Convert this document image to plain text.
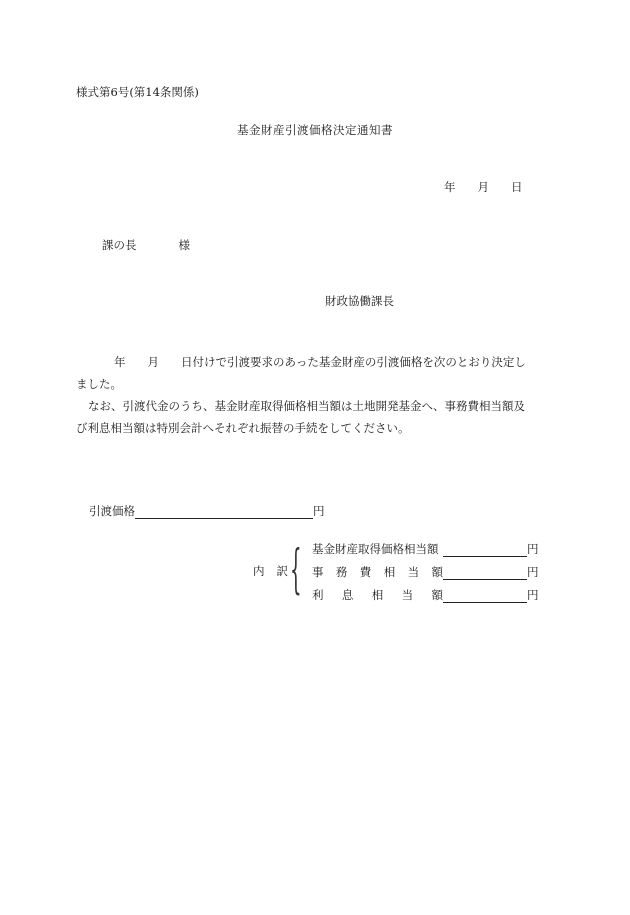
様式第6号(第14条関係)
基金財産引渡価格決定通知書
年 月 日
課の長	様
財政協働課長

年 月 日付けで引渡要求のあった基金財産の引渡価格を次のとおり決定しました。

なお、引渡代金のうち、基金財産取得価格相当額は土地開発基金へ、事務費相当額及び利息相当額は特別会計へそれぞれ振替の手続をしてください。

引渡価格	円
内 訳 { 基金財産取得価格相当額	円
事務費相当額	円
利息相当額	円
